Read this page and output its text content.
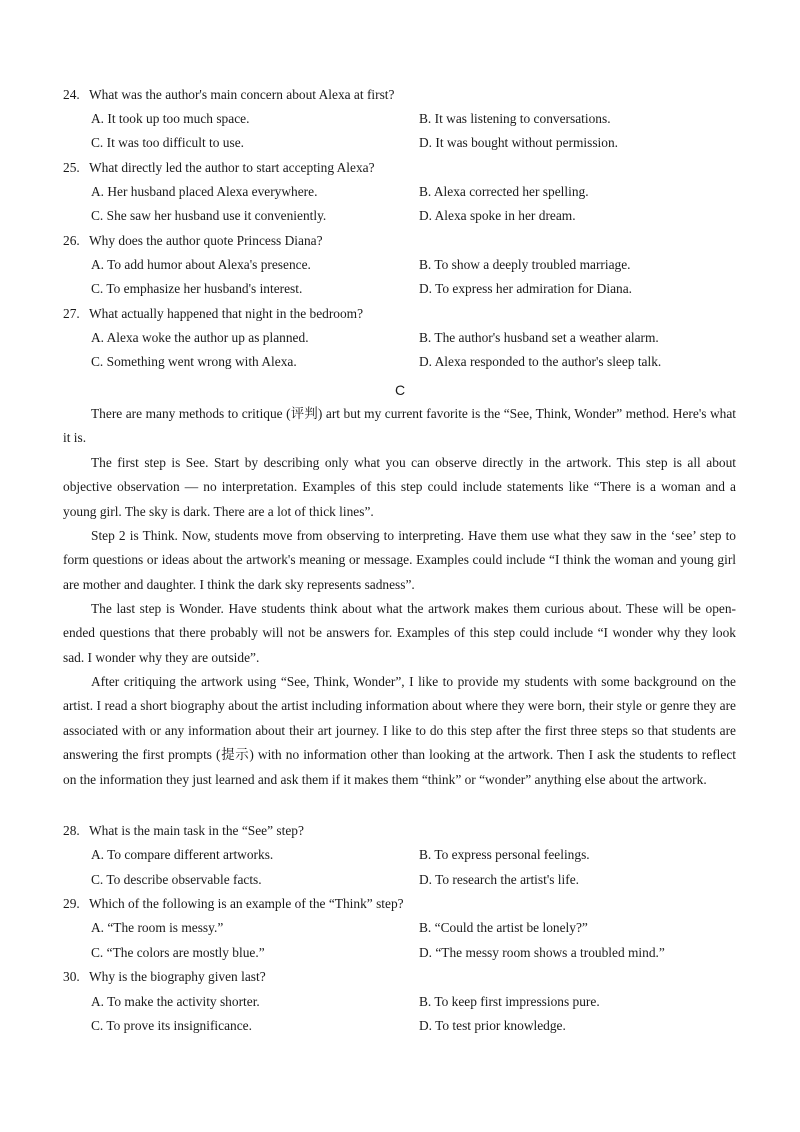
24. What was the author's main concern about Alexa at first?
A. It took up too much space.	B. It was listening to conversations.
C. It was too difficult to use.	D. It was bought without permission.
25. What directly led the author to start accepting Alexa?
A. Her husband placed Alexa everywhere.	B. Alexa corrected her spelling.
C. She saw her husband use it conveniently.	D. Alexa spoke in her dream.
26. Why does the author quote Princess Diana?
A. To add humor about Alexa's presence.	B. To show a deeply troubled marriage.
C. To emphasize her husband's interest.	D. To express her admiration for Diana.
27. What actually happened that night in the bedroom?
A. Alexa woke the author up as planned.	B. The author's husband set a weather alarm.
C. Something went wrong with Alexa.	D. Alexa responded to the author's sleep talk.
C

There are many methods to critique (评判) art but my current favorite is the “See, Think, Wonder” method. Here's what it is.

The first step is See. Start by describing only what you can observe directly in the artwork. This step is all about objective observation — no interpretation. Examples of this step could include statements like “There is a woman and a young girl. The sky is dark. There are a lot of thick lines”.

Step 2 is Think. Now, students move from observing to interpreting. Have them use what they saw in the ‘see’ step to form questions or ideas about the artwork's meaning or message. Examples could include “I think the woman and young girl are mother and daughter. I think the dark sky represents sadness”.

The last step is Wonder. Have students think about what the artwork makes them curious about. These will be open-ended questions that there probably will not be answers for. Examples of this step could include “I wonder why they look sad. I wonder why they are outside”.

After critiquing the artwork using “See, Think, Wonder”, I like to provide my students with some background on the artist. I read a short biography about the artist including information about where they were born, their style or genre they are associated with or any information about their art journey. I like to do this step after the first three steps so that students are answering the first prompts (提示) with no information other than looking at the artwork. Then I ask the students to reflect on the information they just learned and ask them if it makes them “think” or “wonder” anything else about the artwork.

28. What is the main task in the “See” step?
A. To compare different artworks.	B. To express personal feelings.
C. To describe observable facts.	D. To research the artist's life.
29. Which of the following is an example of the “Think” step?
A. “The room is messy.”	B. “Could the artist be lonely?”
C. “The colors are mostly blue.”	D. “The messy room shows a troubled mind.”
30. Why is the biography given last?
A. To make the activity shorter.	B. To keep first impressions pure.
C. To prove its insignificance.	D. To test prior knowledge.
